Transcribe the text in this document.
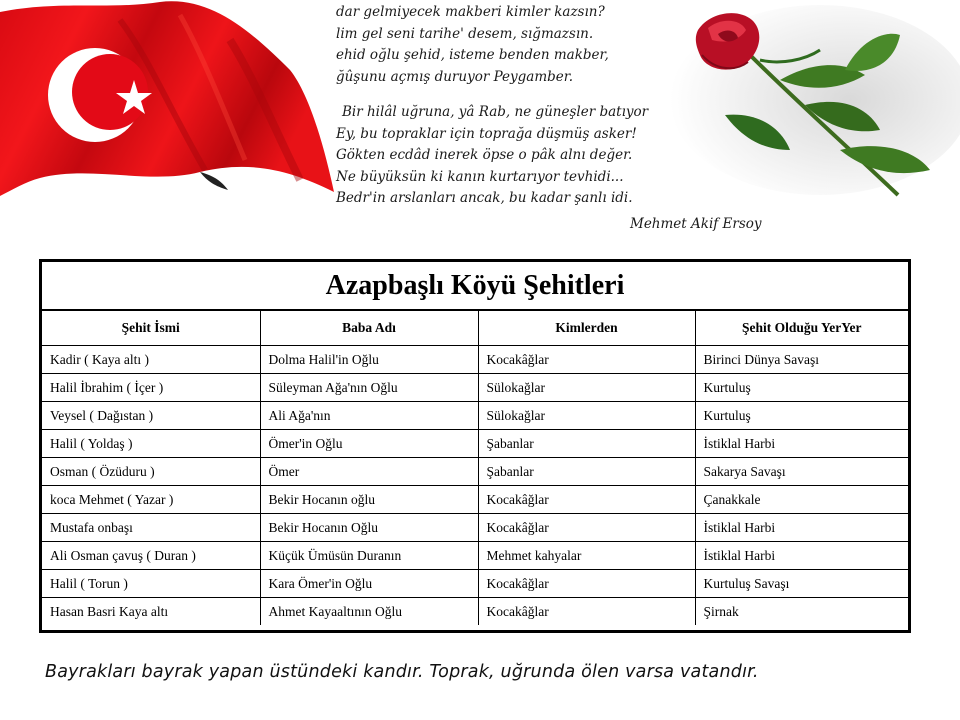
dar gelmiyecek makberi kimler kazsın?
lim gel seni tarihe' desem, sığmazsın.
ehid oğlu şehid, isteme benden makber,
ğûşunu açmış duruyor Peygamber.
Bir hilâl uğruna, yâ Rab, ne güneşler batıyor
Ey, bu topraklar için toprağa düşmüş asker!
Gökten ecdâd inerek öpse o pâk alnı değer.
Ne büyüksün ki kanın kurtarıyor tevhidi...
Bedr'in arslanları ancak, bu kadar şanlı idi.
Mehmet Akif Ersoy
Azapbaşlı Köyü Şehitleri			
Şehit İsmi	Baba Adı	Kimlerden	Şehit Olduğu YerYer
Kadir ( Kaya altı )	Dolma Halil'in Oğlu	Kocakâğlar	Birinci Dünya Savaşı
Halil İbrahim ( İçer )	Süleyman Ağa'nın Oğlu	Sülokağlar	Kurtuluş
Veysel ( Dağıstan )	Ali Ağa'nın	Sülokağlar	Kurtuluş
Halil ( Yoldaş )	Ömer'in Oğlu	Şabanlar	İstiklal Harbi
Osman ( Özüduru )	Ömer	Şabanlar	Sakarya Savaşı
koca Mehmet ( Yazar )	Bekir Hocanın oğlu	Kocakâğlar	Çanakkale
Mustafa onbaşı	Bekir Hocanın Oğlu	Kocakâğlar	İstiklal Harbi
Ali Osman çavuş ( Duran )	Küçük Ümüsün Duranın	Mehmet kahyalar	İstiklal Harbi
Halil ( Torun )	Kara Ömer'in Oğlu	Kocakâğlar	Kurtuluş Savaşı
Hasan Basri Kaya altı	Ahmet Kayaaltının Oğlu	Kocakâğlar	Şirnak
Bayrakları bayrak yapan üstündeki kandır. Toprak, uğrunda ölen varsa vatandır.
